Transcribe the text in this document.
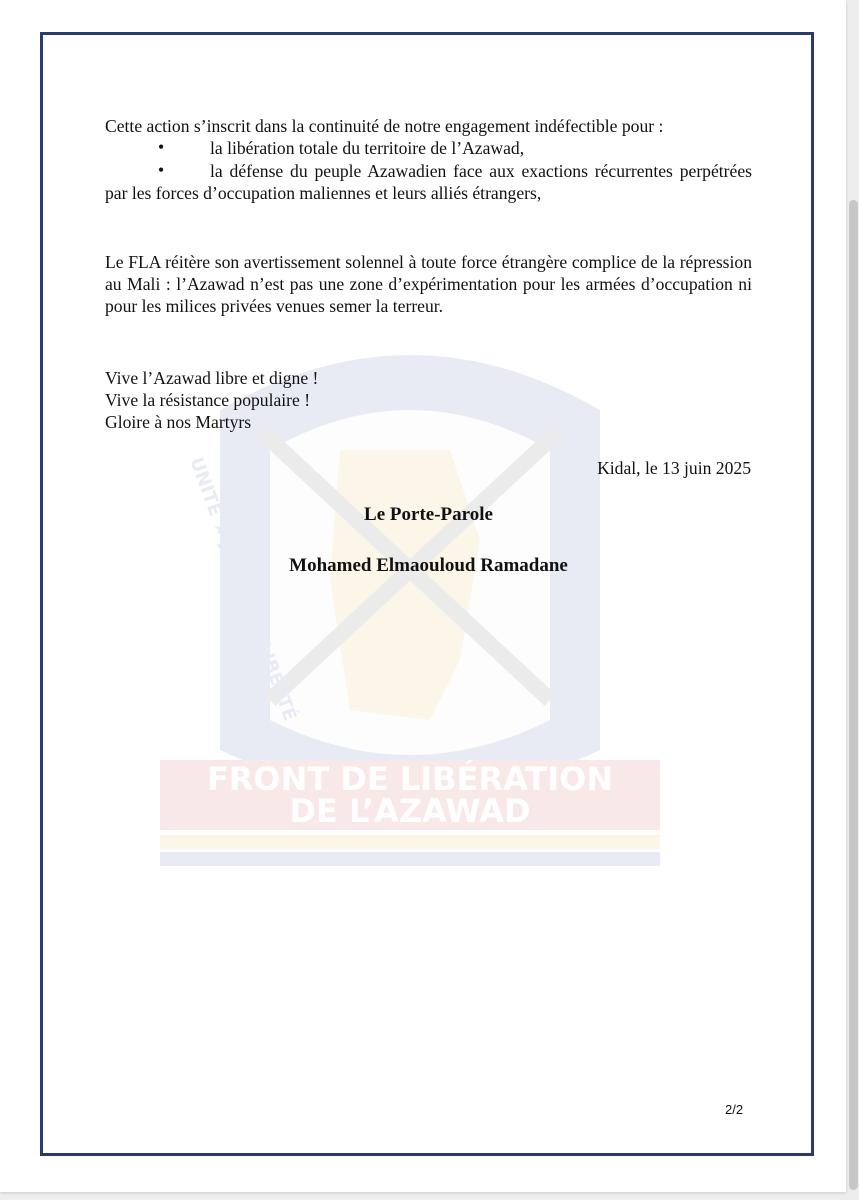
FRONT DE LIBÉRATION
DE L’AZAWAD
UNITÉ ★ JUSTICE ★ LIBERTÉ
Cette action s’inscrit dans la continuité de notre engagement indéfectible pour :
•	la libération totale du territoire de l’Azawad,
•	la défense du peuple Azawadien face aux exactions récurrentes perpétrées par les forces d’occupation maliennes et leurs alliés étrangers,
Le FLA réitère son avertissement solennel à toute force étrangère complice de la répression au Mali : l’Azawad n’est pas une zone d’expérimentation pour les armées d’occupation ni pour les milices privées venues semer la terreur.
Vive l’Azawad libre et digne !
Vive la résistance populaire !
Gloire à nos Martyrs
Kidal, le 13 juin 2025
Le Porte-Parole
Mohamed Elmaouloud Ramadane
2/2
